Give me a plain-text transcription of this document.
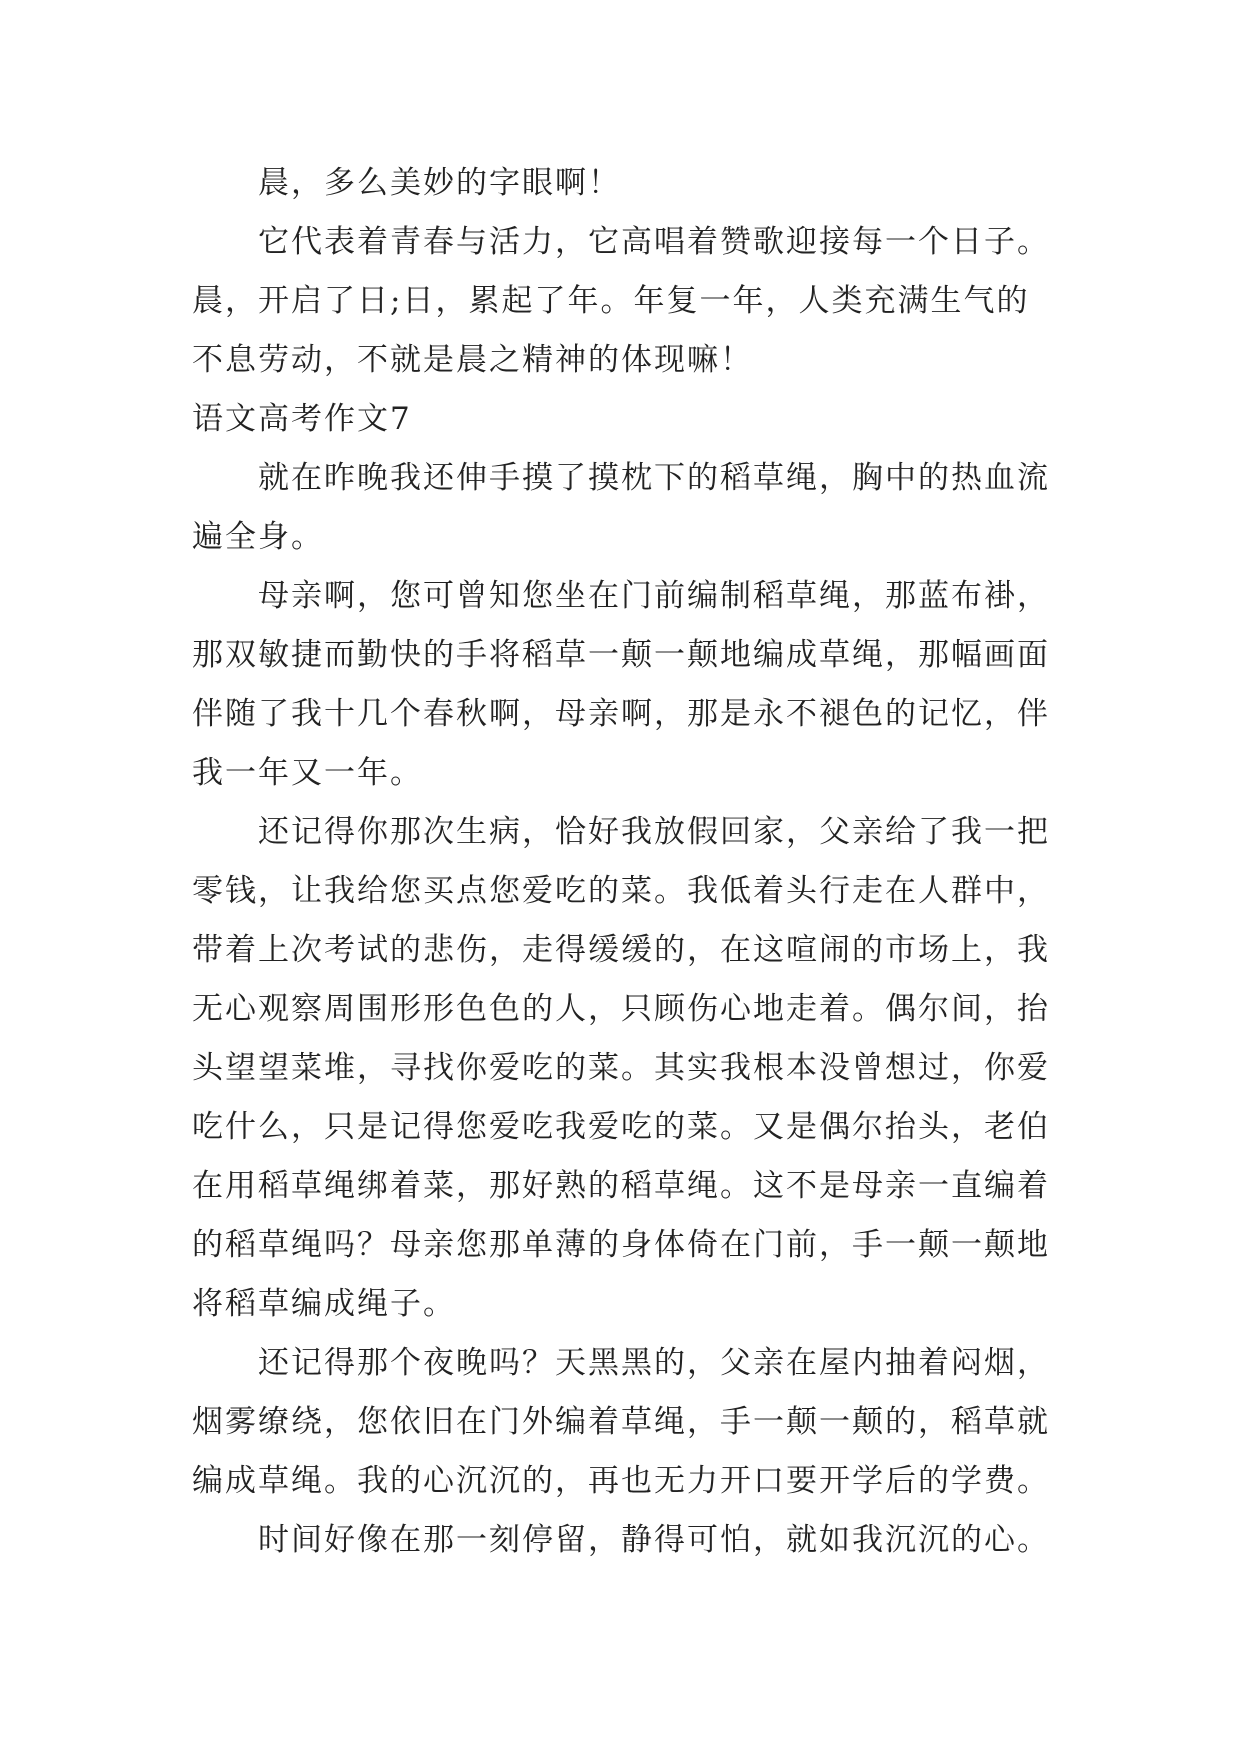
晨，多么美妙的字眼啊！
它代表着青春与活力，它高唱着赞歌迎接每一个日子。
晨，开启了日;日，累起了年。年复一年，人类充满生气的
不息劳动，不就是晨之精神的体现嘛！
语文高考作文7
就在昨晚我还伸手摸了摸枕下的稻草绳，胸中的热血流
遍全身。
母亲啊，您可曾知您坐在门前编制稻草绳，那蓝布褂，
那双敏捷而勤快的手将稻草一颠一颠地编成草绳，那幅画面
伴随了我十几个春秋啊，母亲啊，那是永不褪色的记忆，伴
我一年又一年。
还记得你那次生病，恰好我放假回家，父亲给了我一把
零钱，让我给您买点您爱吃的菜。我低着头行走在人群中，
带着上次考试的悲伤，走得缓缓的，在这喧闹的市场上，我
无心观察周围形形色色的人，只顾伤心地走着。偶尔间，抬
头望望菜堆，寻找你爱吃的菜。其实我根本没曾想过，你爱
吃什么，只是记得您爱吃我爱吃的菜。又是偶尔抬头，老伯
在用稻草绳绑着菜，那好熟的稻草绳。这不是母亲一直编着
的稻草绳吗？母亲您那单薄的身体倚在门前，手一颠一颠地
将稻草编成绳子。
还记得那个夜晚吗？天黑黑的，父亲在屋内抽着闷烟，
烟雾缭绕，您依旧在门外编着草绳，手一颠一颠的，稻草就
编成草绳。我的心沉沉的，再也无力开口要开学后的学费。
时间好像在那一刻停留，静得可怕，就如我沉沉的心。
